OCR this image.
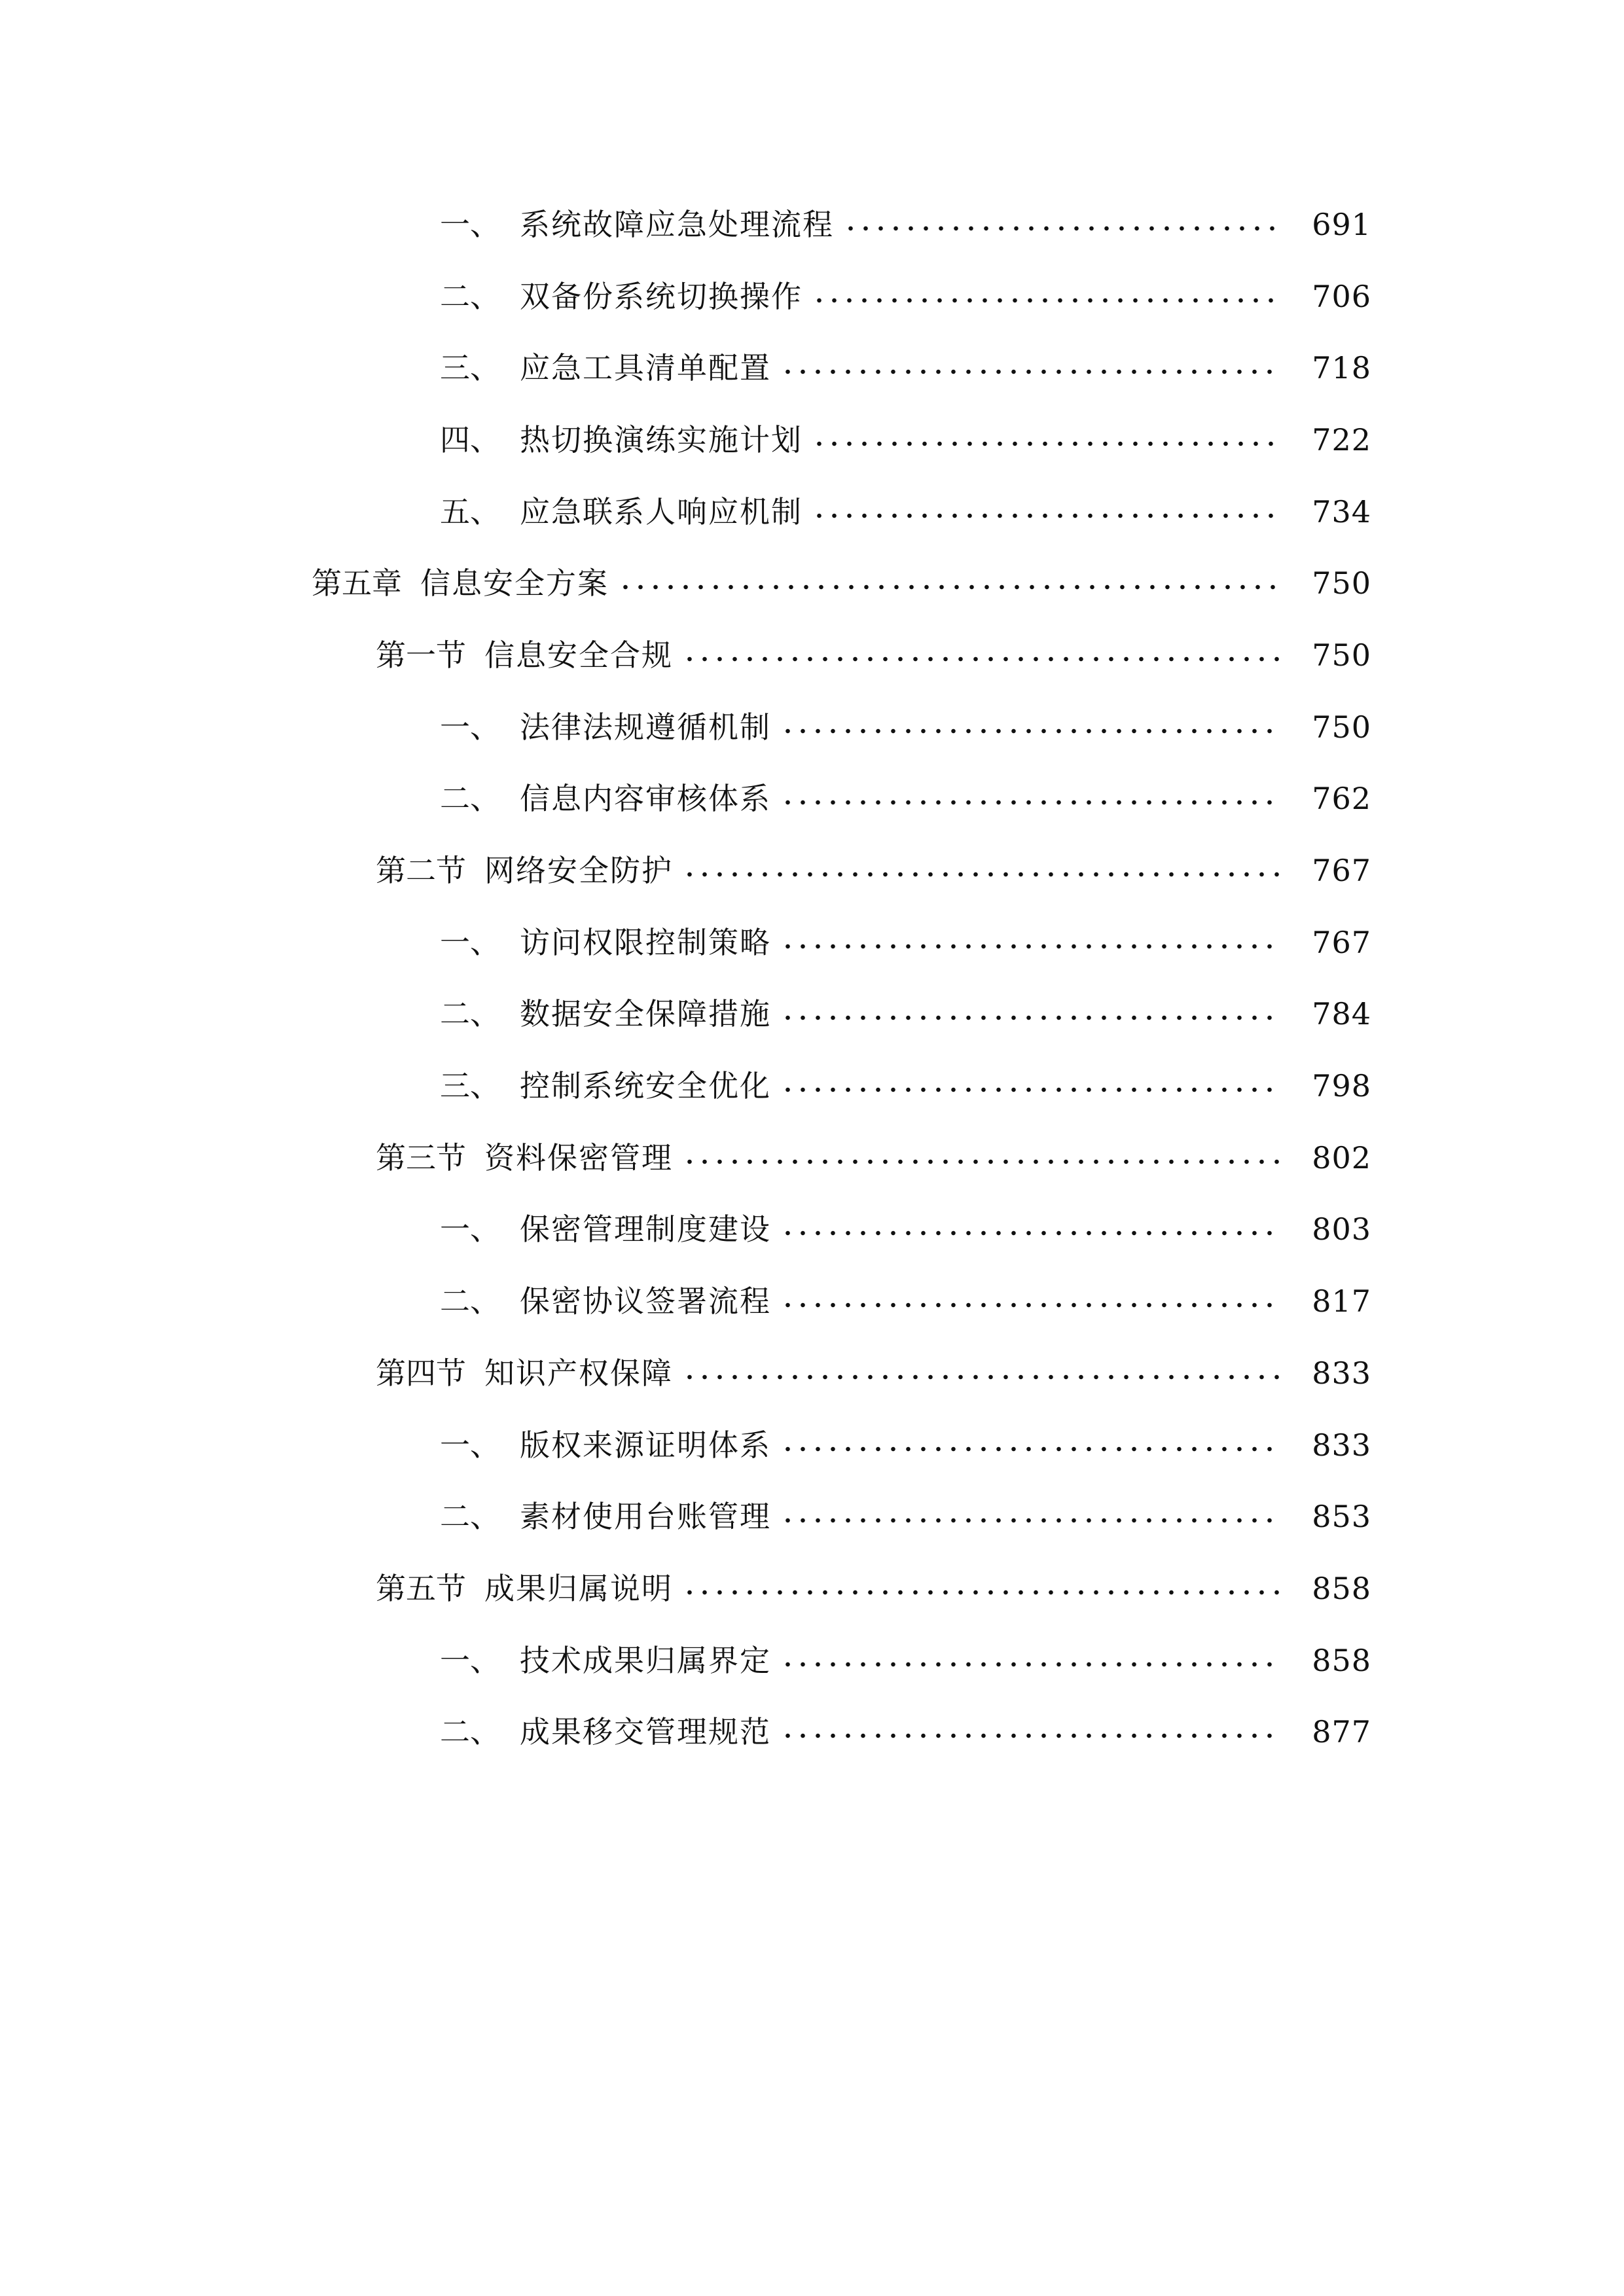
一、 系统故障应急处理流程	691
二、 双备份系统切换操作	706
三、 应急工具清单配置	718
四、 热切换演练实施计划	722
五、 应急联系人响应机制	734
第五章 信息安全方案	750
第一节 信息安全合规	750
一、 法律法规遵循机制	750
二、 信息内容审核体系	762
第二节 网络安全防护	767
一、 访问权限控制策略	767
二、 数据安全保障措施	784
三、 控制系统安全优化	798
第三节 资料保密管理	802
一、 保密管理制度建设	803
二、 保密协议签署流程	817
第四节 知识产权保障	833
一、 版权来源证明体系	833
二、 素材使用台账管理	853
第五节 成果归属说明	858
一、 技术成果归属界定	858
二、 成果移交管理规范	877
